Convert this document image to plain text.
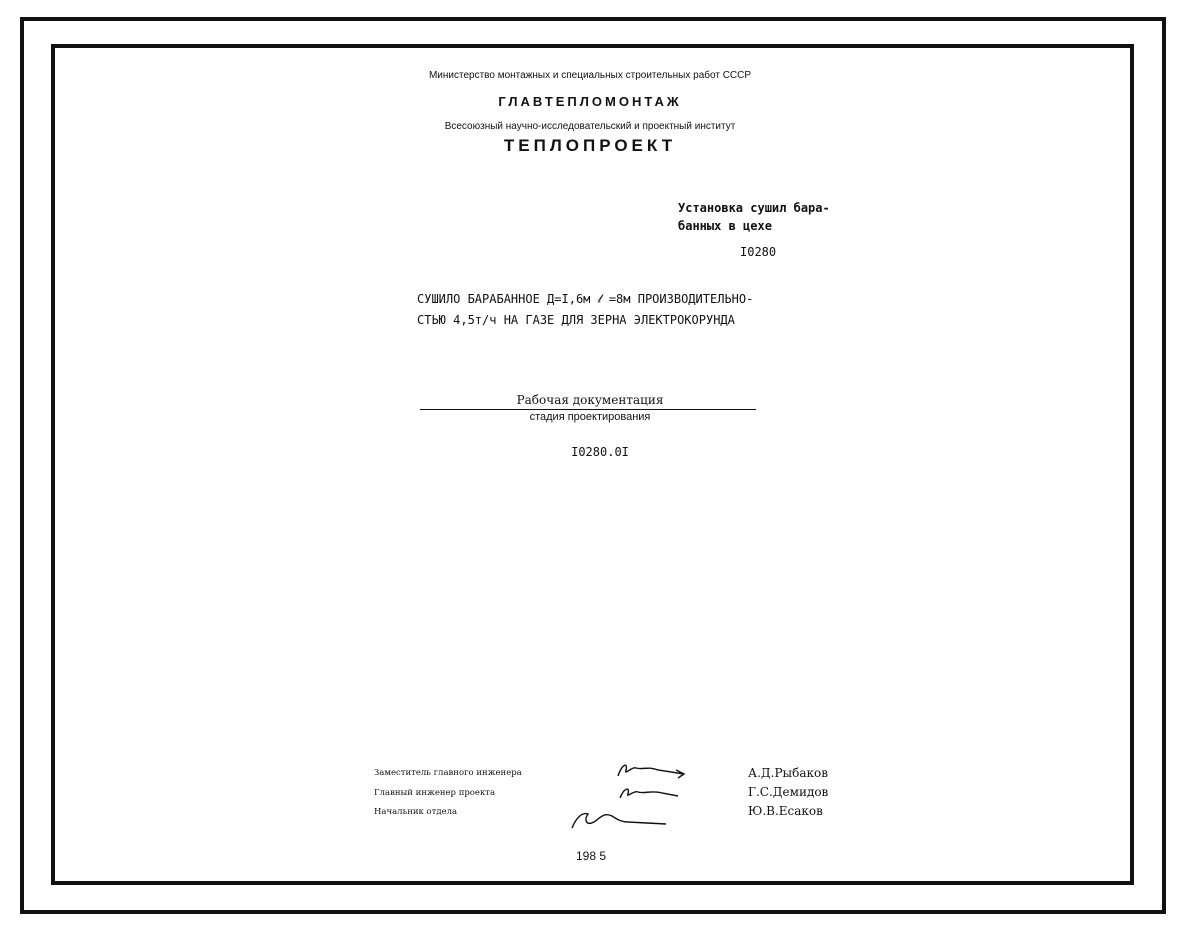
Министерство монтажных и специальных строительных работ СССР
ГЛАВТЕПЛОМОНТАЖ
Всесоюзный научно-исследовательский и проектный институт
ТЕПЛОПРОЕКТ
Установка сушил бара-
банных в цехе
I0280
СУШИЛО БАРАБАННОЕ Д=I,6м 𝓁 =8м ПРОИЗВОДИТЕЛЬНО-
СТЬЮ 4,5т/ч НА ГАЗЕ ДЛЯ ЗЕРНА ЭЛЕКТРОКОРУНДА
Рабочая документация
стадия проектирования
I0280.0I
Заместитель главного инженера
Главный инженер проекта
Начальник отдела
А.Д.Рыбаков
Г.С.Демидов
Ю.В.Есаков
198 5
